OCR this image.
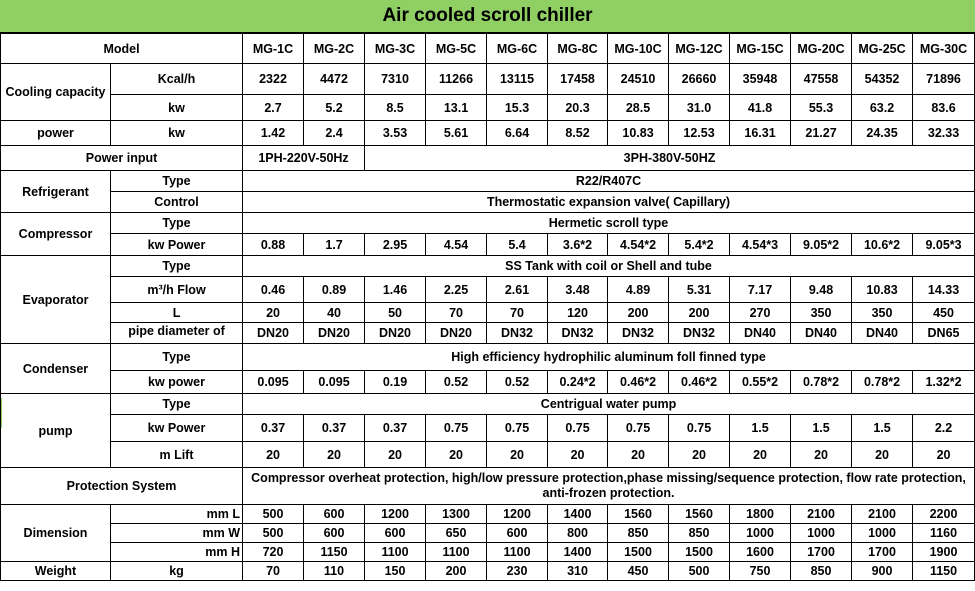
Air cooled scroll chiller
Model		MG-1C	MG-2C	MG-3C	MG-5C	MG-6C	MG-8C	MG-10C	MG-12C	MG-15C	MG-20C	MG-25C	MG-30C
Cooling capacity	Kcal/h	2322	4472	7310	11266	13115	17458	24510	26660	35948	47558	54352	71896
	kw	2.7	5.2	8.5	13.1	15.3	20.3	28.5	31.0	41.8	55.3	63.2	83.6
power	kw	1.42	2.4	3.53	5.61	6.64	8.52	10.83	12.53	16.31	21.27	24.35	32.33
Power input		1PH-220V-50Hz		3PH-380V-50HZ									
Refrigerant	Type	R22/R407C											
	Control	Thermostatic expansion valve( Capillary)											
Compressor	Type	Hermetic scroll type											
	kw Power	0.88	1.7	2.95	4.54	5.4	3.6*2	4.54*2	5.4*2	4.54*3	9.05*2	10.6*2	9.05*3
Evaporator	Type	SS Tank with coil or Shell and tube											
	m³/h Flow	0.46	0.89	1.46	2.25	2.61	3.48	4.89	5.31	7.17	9.48	10.83	14.33
	L	20	40	50	70	70	120	200	200	270	350	350	450

	pipe diameter of	DN20	DN20	DN20	DN20	DN32	DN32	DN32	DN32	DN40	DN40	DN40	DN65
Condenser	Type	High efficiency hydrophilic aluminum foll finned type											
	kw power	0.095	0.095	0.19	0.52	0.52	0.24*2	0.46*2	0.46*2	0.55*2	0.78*2	0.78*2	1.32*2
pump	Type	Centrigual water pump											
	kw Power	0.37	0.37	0.37	0.75	0.75	0.75	0.75	0.75	1.5	1.5	1.5	2.2
	m Lift	20	20	20	20	20	20	20	20	20	20	20	20
Protection System		Compressor overheat protection, high/low pressure protection,phase missing/sequence protection, flow rate protection, anti-frozen protection.											
Dimension	mm L	500	600	1200	1300	1200	1400	1560	1560	1800	2100	2100	2200
	mm W	500	600	600	650	600	800	850	850	1000	1000	1000	1160
	mm H	720	1150	1100	1100	1100	1400	1500	1500	1600	1700	1700	1900
Weight	kg	70	110	150	200	230	310	450	500	750	850	900	1150
